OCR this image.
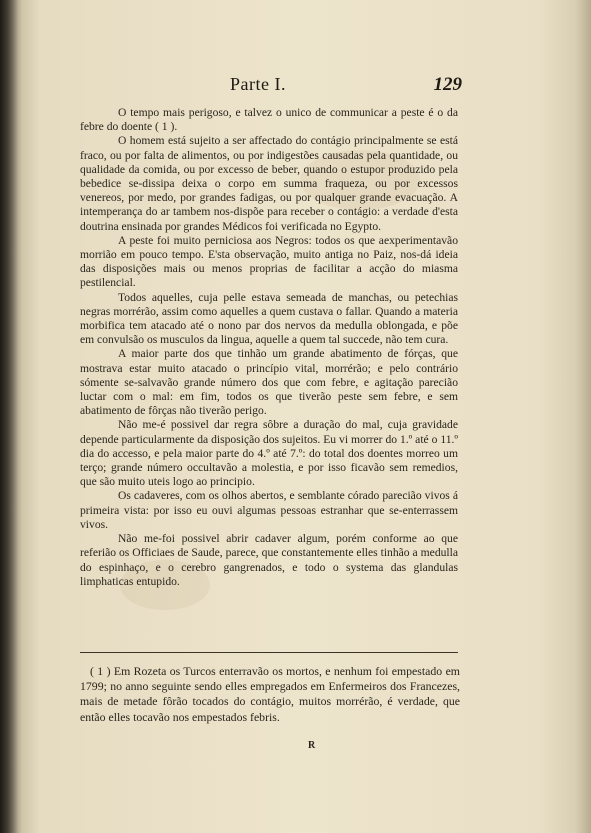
Parte I.	129

O tempo mais perigoso, e talvez o unico de communicar a peste é o da febre do doente ( 1 ).

O homem está sujeito a ser affectado do contágio principalmente se está fraco, ou por falta de alimentos, ou por indigestões causadas pela quantidade, ou qualidade da comida, ou por excesso de beber, quando o estupor produzido pela bebedice se-dissipa deixa o corpo em summa fraqueza, ou por excessos venereos, por medo, por grandes fadigas, ou por qualquer grande evacuação. A intemperança do ar tambem nos-dispõe para receber o contágio: a verdade d'esta doutrina ensinada por grandes Médicos foi verificada no Egypto.

A peste foi muito perniciosa aos Negros: todos os que aexperimentavão morrião em pouco tempo. E'sta observação, muito antiga no Paiz, nos-dá ideia das disposições mais ou menos proprias de facilitar a acção do miasma pestilencial.

Todos aquelles, cuja pelle estava semeada de manchas, ou petechias negras morrérão, assim como aquelles a quem custava o fallar. Quando a materia morbifica tem atacado até o nono par dos nervos da medulla oblongada, e põe em convulsão os musculos da lingua, aquelle a quem tal succede, não tem cura.

A maior parte dos que tinhão um grande abatimento de fórças, que mostrava estar muito atacado o princípio vital, morrérão; e pelo contrário sómente se-salvavão grande número dos que com febre, e agitação parecião luctar com o mal: em fim, todos os que tiverão peste sem febre, e sem abatimento de fôrças não tiverão perigo.

Não me-é possivel dar regra sôbre a duração do mal, cuja gravidade depende particularmente da disposição dos sujeitos. Eu vi morrer do 1.º até o 11.º dia do accesso, e pela maior parte do 4.º até 7.º: do total dos doentes morreo um terço; grande número occultavão a molestia, e por isso ficavão sem remedios, que são muito uteis logo ao principio.

Os cadaveres, com os olhos abertos, e semblante córado parecião vivos á primeira vista: por isso eu ouvi algumas pessoas estranhar que se-enterrassem vivos.

Não me-foi possivel abrir cadaver algum, porém conforme ao que referião os Officiaes de Saude, parece, que constantemente elles tinhão a medulla do espinhaço, e o cerebro gangrenados, e todo o systema das glandulas limphaticas entupido.

( 1 ) Em Rozeta os Turcos enterravão os mortos, e nenhum foi empestado em 1799; no anno seguinte sendo elles empregados em Enfermeiros dos Francezes, mais de metade fôrão tocados do contágio, muitos morrérão, é verdade, que então elles tocavão nos empestados febris.

R
